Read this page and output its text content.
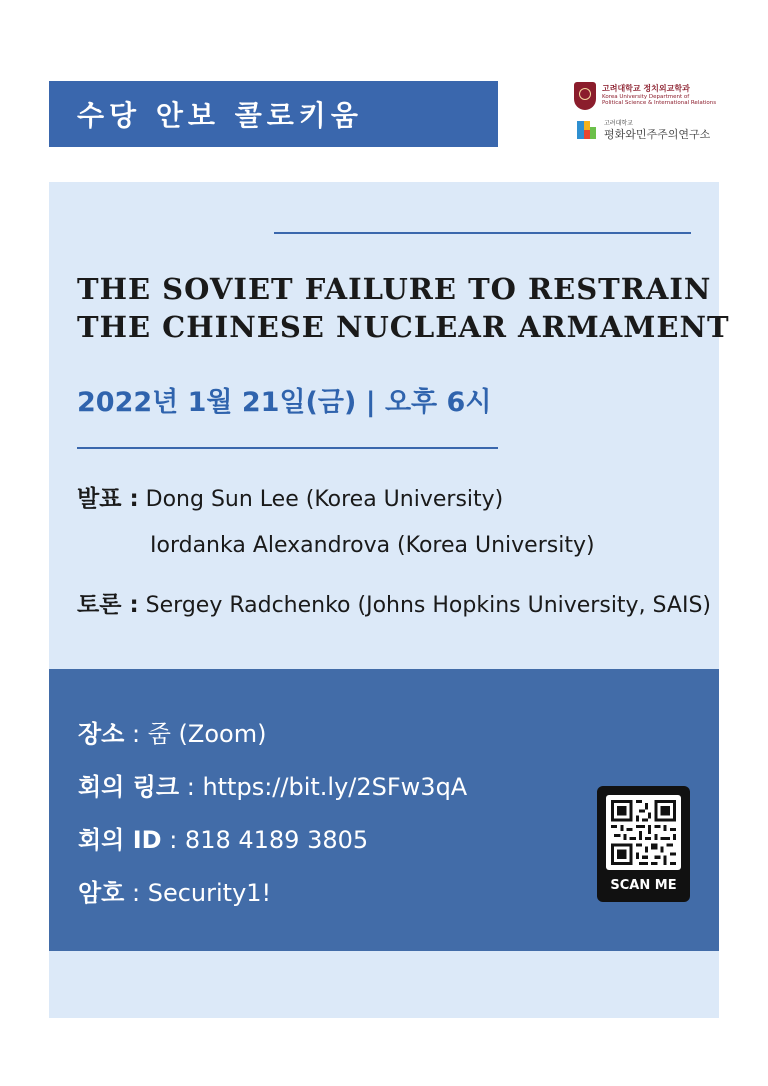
수당 안보 콜로키움
고려대학교 정치외교학과
Korea University Department of
Political Science & International Relations
고려대학교
평화와민주주의연구소
THE SOVIET FAILURE TO RESTRAIN
THE CHINESE NUCLEAR ARMAMENT
2022년 1월 21일(금) | 오후 6시
발표 : Dong Sun Lee (Korea University)
Iordanka Alexandrova (Korea University)
토론 : Sergey Radchenko (Johns Hopkins University, SAIS)
장소 : 줌 (Zoom)
회의 링크 : https://bit.ly/2SFw3qA
회의 ID : 818 4189 3805
암호 : Security1!	SCAN ME
